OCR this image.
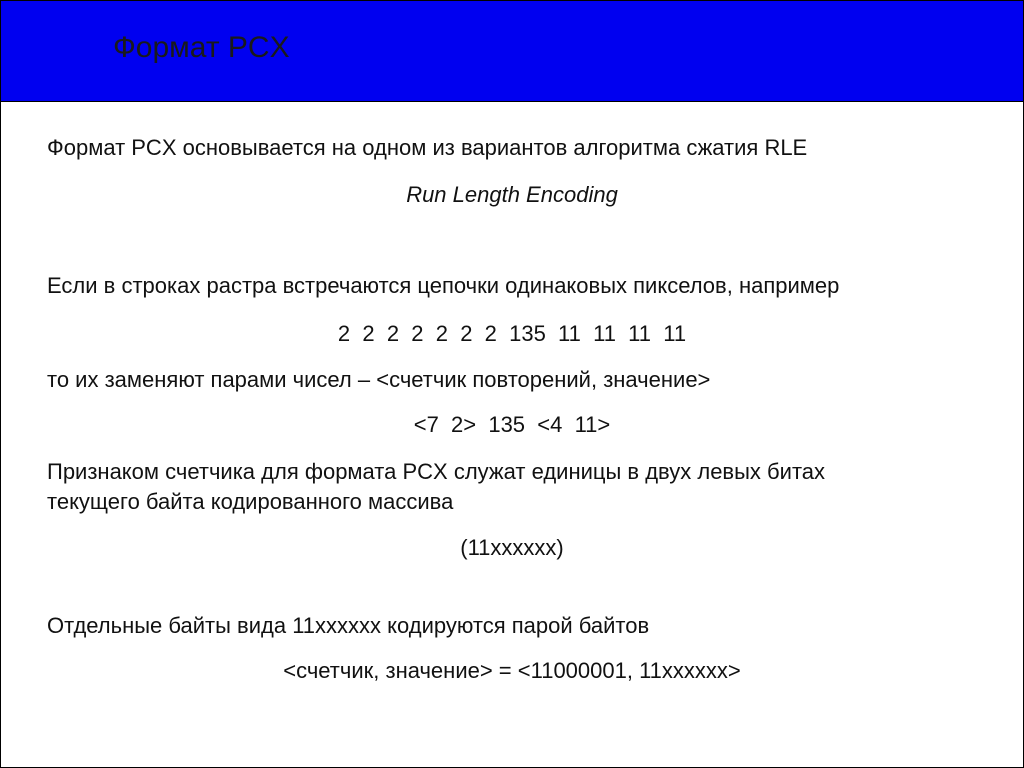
Формат PCX
Формат PCX основывается на одном из вариантов алгоритма сжатия RLE
Run Length Encoding
Если в строках растра встречаются цепочки одинаковых пикселов, например
2  2  2  2  2  2  2  135  11  11  11  11
то их заменяют парами чисел – <счетчик повторений, значение>
<7  2>  135  <4  11>
Признаком счетчика для формата PCX служат единицы в двух левых битах
текущего байта кодированного массива
(11xxxxxx)
Отдельные байты вида 11xxxxxx кодируются парой байтов
<счетчик, значение> = <11000001, 11xxxxxx>
